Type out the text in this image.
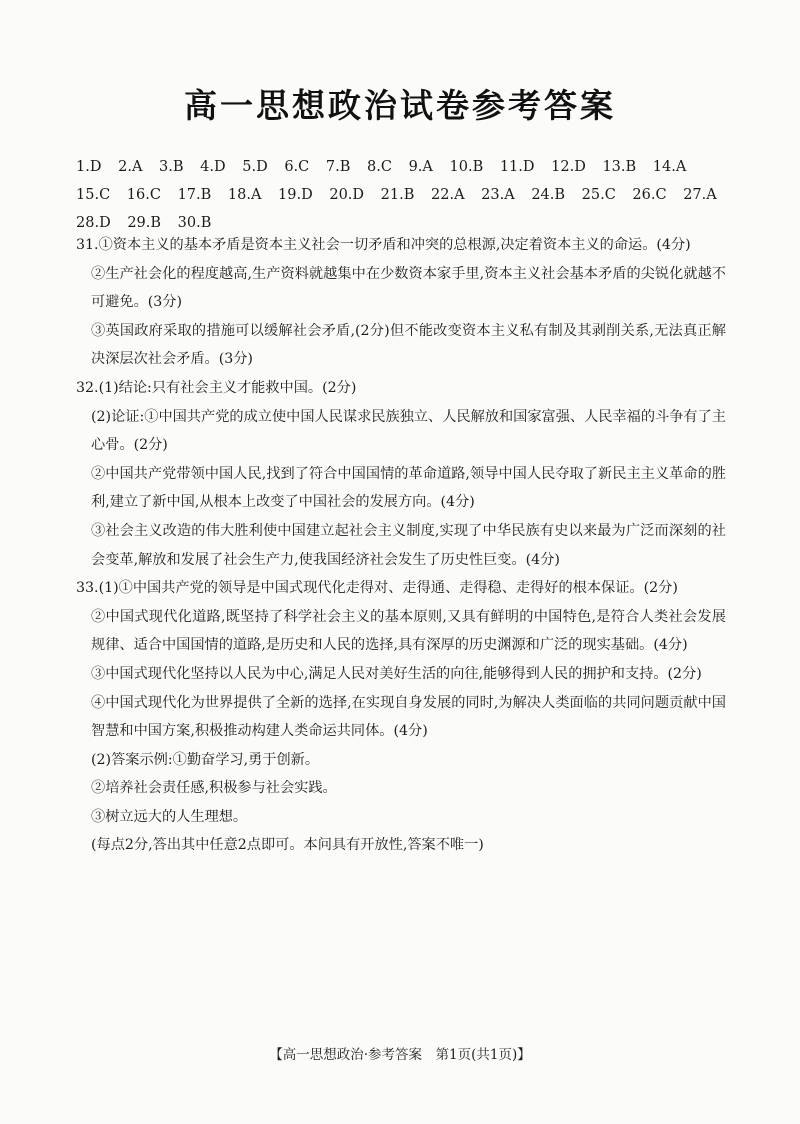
高一思想政治试卷参考答案
1.D 2.A 3.B 4.D 5.D 6.C 7.B 8.C 9.A 10.B 11.D 12.D 13.B 14.A
15.C 16.C 17.B 18.A 19.D 20.D 21.B 22.A 23.A 24.B 25.C 26.C 27.A
28.D 29.B 30.B

31.①资本主义的基本矛盾是资本主义社会一切矛盾和冲突的总根源,决定着资本主义的命运。(4分)

②生产社会化的程度越高,生产资料就越集中在少数资本家手里,资本主义社会基本矛盾的尖锐化就越不可避免。(3分)

③英国政府采取的措施可以缓解社会矛盾,(2分)但不能改变资本主义私有制及其剥削关系,无法真正解决深层次社会矛盾。(3分)

32.(1)结论:只有社会主义才能救中国。(2分)

(2)论证:①中国共产党的成立使中国人民谋求民族独立、人民解放和国家富强、人民幸福的斗争有了主心骨。(2分)

②中国共产党带领中国人民,找到了符合中国国情的革命道路,领导中国人民夺取了新民主主义革命的胜利,建立了新中国,从根本上改变了中国社会的发展方向。(4分)

③社会主义改造的伟大胜利使中国建立起社会主义制度,实现了中华民族有史以来最为广泛而深刻的社会变革,解放和发展了社会生产力,使我国经济社会发生了历史性巨变。(4分)

33.(1)①中国共产党的领导是中国式现代化走得对、走得通、走得稳、走得好的根本保证。(2分)

②中国式现代化道路,既坚持了科学社会主义的基本原则,又具有鲜明的中国特色,是符合人类社会发展规律、适合中国国情的道路,是历史和人民的选择,具有深厚的历史渊源和广泛的现实基础。(4分)

③中国式现代化坚持以人民为中心,满足人民对美好生活的向往,能够得到人民的拥护和支持。(2分)

④中国式现代化为世界提供了全新的选择,在实现自身发展的同时,为解决人类面临的共同问题贡献中国智慧和中国方案,积极推动构建人类命运共同体。(4分)

(2)答案示例:①勤奋学习,勇于创新。

②培养社会责任感,积极参与社会实践。

③树立远大的人生理想。

(每点2分,答出其中任意2点即可。本问具有开放性,答案不唯一)

【高一思想政治·参考答案　第1页(共1页)】
